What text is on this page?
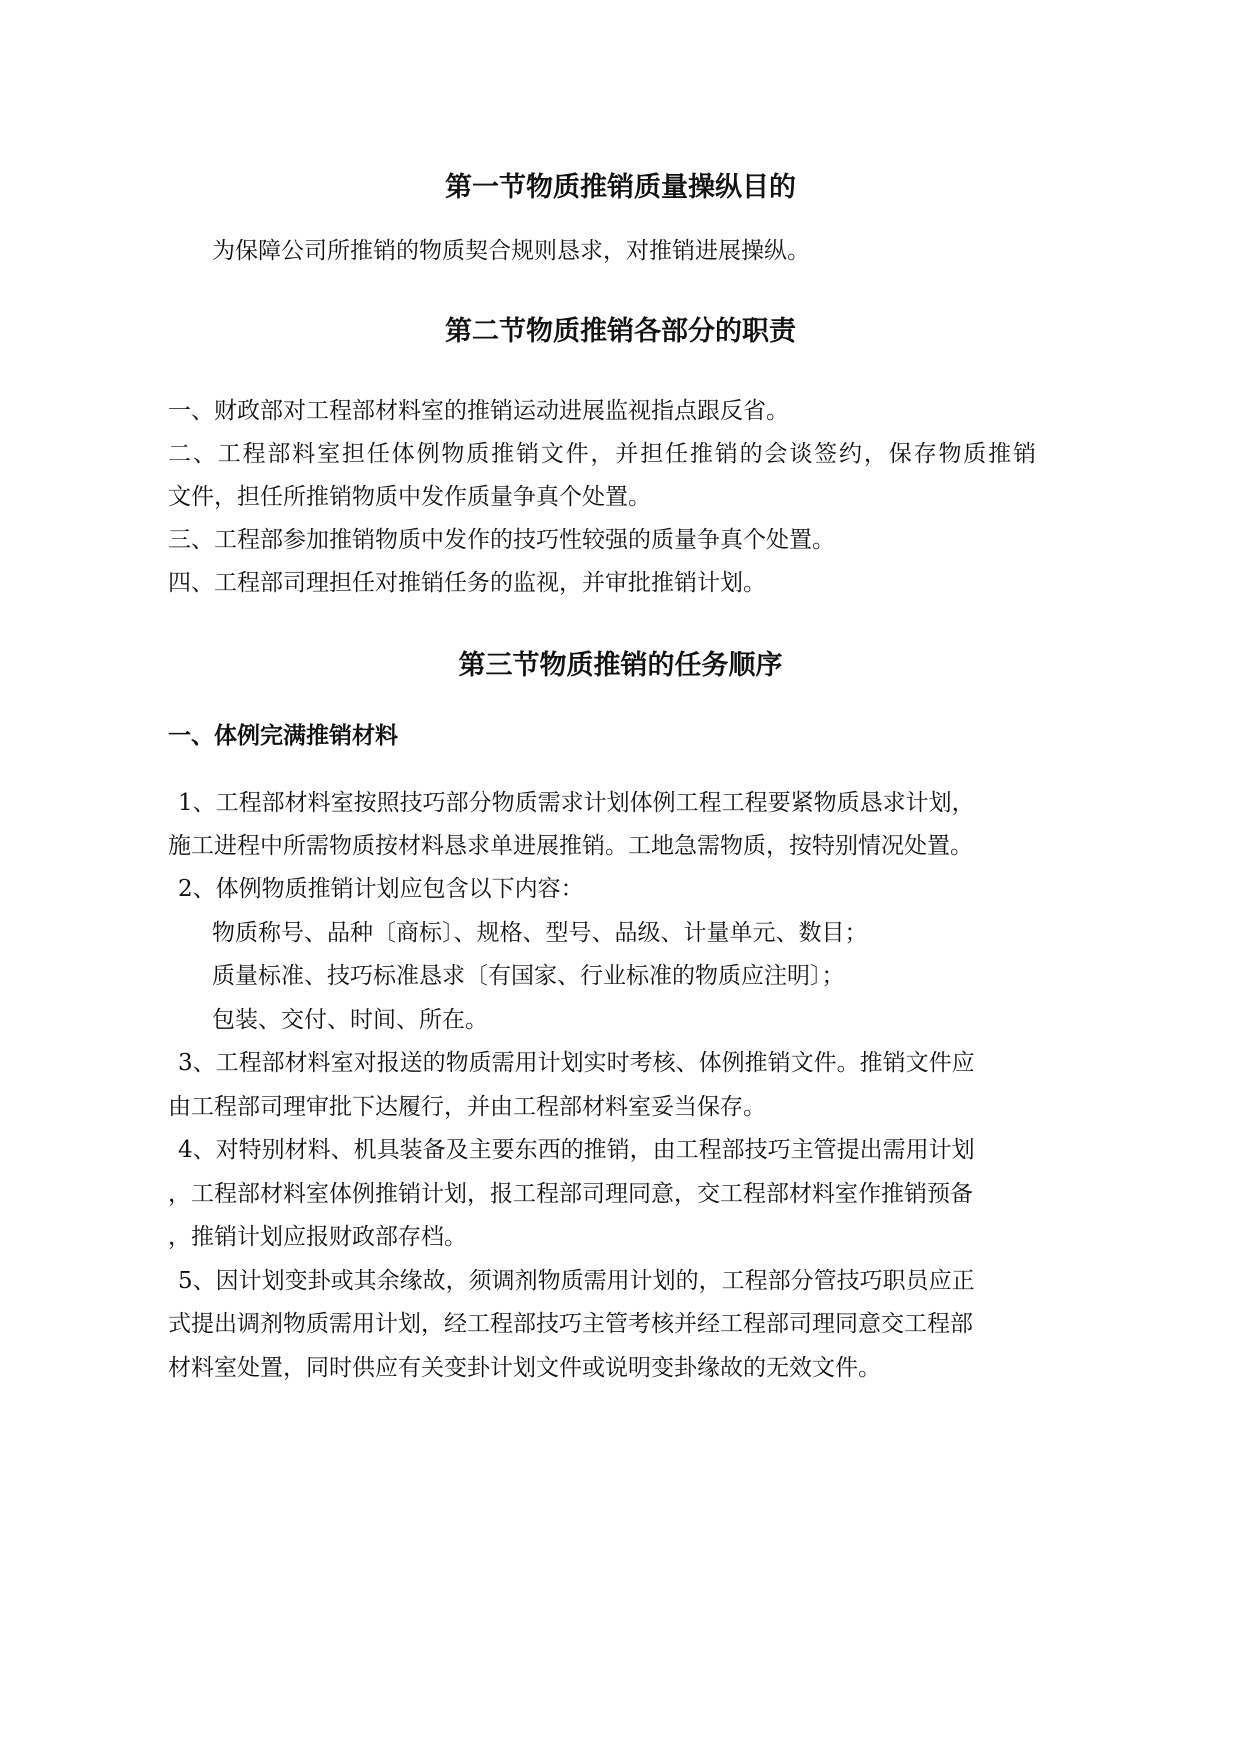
第一节物质推销质量操纵目的

为保障公司所推销的物质契合规则恳求，对推销进展操纵。

第二节物质推销各部分的职责

一、财政部对工程部材料室的推销运动进展监视指点跟反省。

二、工程部料室担任体例物质推销文件，并担任推销的会谈签约，保存物质推销

文件，担任所推销物质中发作质量争真个处置。

三、工程部参加推销物质中发作的技巧性较强的质量争真个处置。

四、工程部司理担任对推销任务的监视，并审批推销计划。

第三节物质推销的任务顺序

一、体例完满推销材料

1、工程部材料室按照技巧部分物质需求计划体例工程工程要紧物质恳求计划，

施工进程中所需物质按材料恳求单进展推销。工地急需物质，按特别情况处置。

2、体例物质推销计划应包含以下内容：

物质称号、品种〔商标〕、规格、型号、品级、计量单元、数目；

质量标准、技巧标准恳求〔有国家、行业标准的物质应注明〕；

包装、交付、时间、所在。

3、工程部材料室对报送的物质需用计划实时考核、体例推销文件。推销文件应

由工程部司理审批下达履行，并由工程部材料室妥当保存。

4、对特别材料、机具装备及主要东西的推销，由工程部技巧主管提出需用计划

，工程部材料室体例推销计划，报工程部司理同意，交工程部材料室作推销预备

，推销计划应报财政部存档。

5、因计划变卦或其余缘故，须调剂物质需用计划的，工程部分管技巧职员应正

式提出调剂物质需用计划，经工程部技巧主管考核并经工程部司理同意交工程部

材料室处置，同时供应有关变卦计划文件或说明变卦缘故的无效文件。
